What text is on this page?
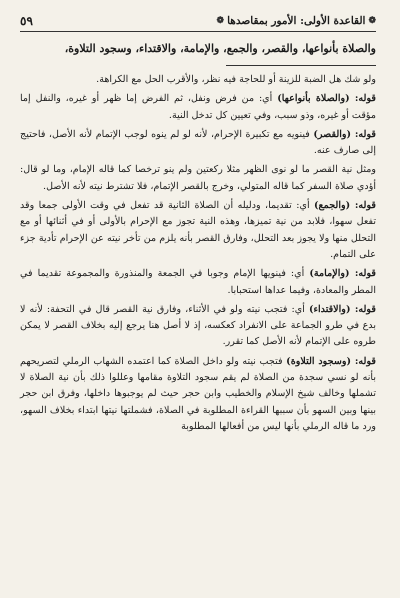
❁
القاعدة الأولى: الأمور بمقاصدها
❁
٥٩
والصلاة بأنواعها، والقصر، والجمع، والإمامة، والاقتداء، وسجود التلاوة،

ولو شك هل الضبة للزينة أو للحاجة فيه نظر، والأقرب الحل مع الكراهة.

قوله: (والصلاة بأنواعها) أي: من فرض ونفل، ثم الفرض إما ظهر أو غيره، والنفل إما مؤقت أو غيره، وذو سبب، وفي تعيين كل تدخل النية.

قوله: (والقصر) فينويه مع تكبيرة الإحرام، لأنه لو لم ينوه لوجب الإتمام لأنه الأصل، فاحتيج إلى صارف عنه.

ومثل نية القصر ما لو نوى الظهر مثلا ركعتين ولم ينو ترخصا كما قاله الإمام، وما لو قال: أؤدي صلاة السفر كما قاله المتولي، وخرج بالقصر الإتمام، فلا تشترط نيته لأنه الأصل.

قوله: (والجمع) أي: تقديما، ودليله أن الصلاة الثانية قد تفعل في وقت الأولى جمعا وقد تفعل سهوا، فلابد من نية تميزها، وهذه النية تجوز مع الإحرام بالأولى أو في أثنائها أو مع التحلل منها ولا يجوز بعد التحلل، وفارق القصر بأنه يلزم من تأخر نيته عن الإحرام تأدية جزء على التمام.

قوله: (والإمامة) أي: فينويها الإمام وجوبا في الجمعة والمنذورة والمجموعة تقديما في المطر والمعادة، وفيما عداها استحبابا.

قوله: (والاقتداء) أي: فتجب نيته ولو في الأثناء، وفارق نية القصر قال في التحفة: لأنه لا بدع في طرو الجماعة على الانفراد كعكسه، إذ لا أصل هنا يرجع إليه بخلاف القصر لا يمكن طروه على الإتمام لأنه الأصل كما تقرر.

قوله: (وسجود التلاوة) فتجب نيته ولو داخل الصلاة كما اعتمده الشهاب الرملي لتصريحهم بأنه لو نسي سجدة من الصلاة لم يقم سجود التلاوة مقامها وعللوا ذلك بأن نية الصلاة لا تشملها وخالف شيخ الإسلام والخطيب وابن حجر حيث لم يوجبوها داخلها، وفرق ابن حجر بينها وبين السهو بأن سببها القراءة المطلوبة في الصلاة، فشملتها نيتها ابتداء بخلاف السهو، ورد ما قاله الرملي بأنها ليس من أفعالها المطلوبة
